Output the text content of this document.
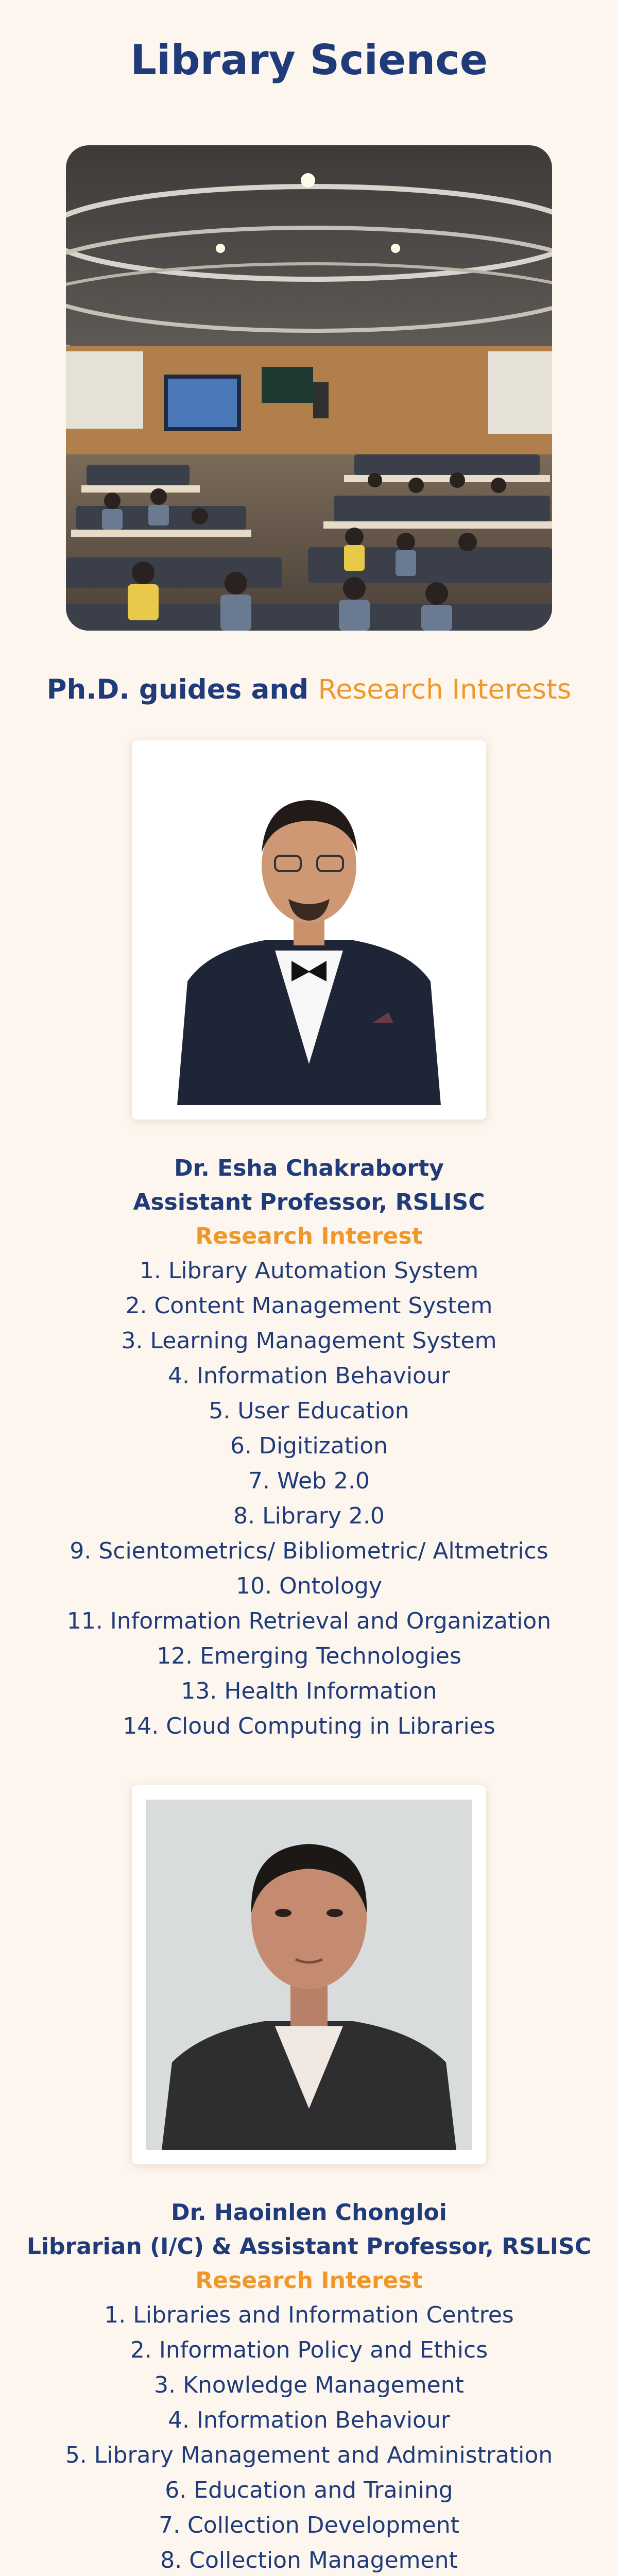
Library Science
Ph.D. guides and Research Interests
Dr. Esha Chakraborty
Assistant Professor, RSLISC
Research Interest
1. Library Automation System
2. Content Management System
3. Learning Management System
4. Information Behaviour
5. User Education
6. Digitization
7. Web 2.0
8. Library 2.0
9. Scientometrics/ Bibliometric/ Altmetrics
10. Ontology
11. Information Retrieval and Organization
12. Emerging Technologies
13. Health Information
14. Cloud Computing in Libraries
Dr. Haoinlen Chongloi
Librarian (I/C) & Assistant Professor, RSLISC
Research Interest
1. Libraries and Information Centres
2. Information Policy and Ethics
3. Knowledge Management
4. Information Behaviour
5. Library Management and Administration
6. Education and Training
7. Collection Development
8. Collection Management
